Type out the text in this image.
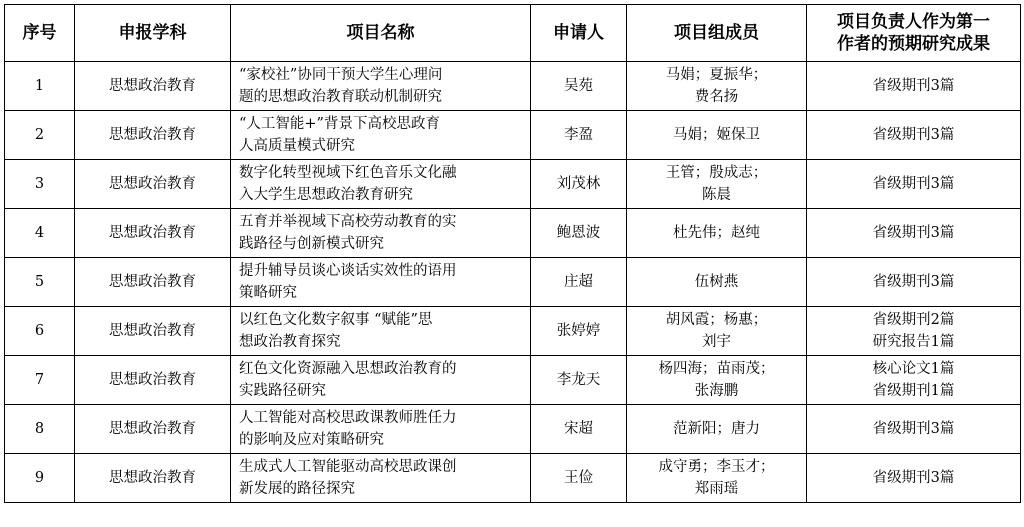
序号	申报学科	项目名称	申请人	项目组成员	项目负责人作为第一
作者的预期研究成果

1	思想政治教育	“家校社”协同干预大学生心理问
题的思想政治教育联动机制研究	吴苑	马娟；夏振华；
费名扬	省级期刊3篇

2	思想政治教育	“人工智能+”背景下高校思政育
人高质量模式研究	李盈	马娟；姬保卫	省级期刊3篇

3	思想政治教育	数字化转型视域下红色音乐文化融
入大学生思想政治教育研究	刘茂林	王管；殷成志；
陈晨	省级期刊3篇

4	思想政治教育	五育并举视域下高校劳动教育的实
践路径与创新模式研究	鲍恩波	杜先伟；赵纯	省级期刊3篇

5	思想政治教育	提升辅导员谈心谈话实效性的语用
策略研究	庄超	伍树燕	省级期刊3篇

6	思想政治教育	以红色文化数字叙事 “赋能”思
想政治教育探究	张婷婷	胡风霞；杨惠；
刘宇	省级期刊2篇
研究报告1篇

7	思想政治教育	红色文化资源融入思想政治教育的
实践路径研究	李龙天	杨四海；苗雨茂；
张海鹏	核心论文1篇
省级期刊1篇

8	思想政治教育	人工智能对高校思政课教师胜任力
的影响及应对策略研究	宋超	范新阳；唐力	省级期刊3篇

9	思想政治教育	生成式人工智能驱动高校思政课创
新发展的路径探究	王俭	成守勇；李玉才；
郑雨瑶	省级期刊3篇
